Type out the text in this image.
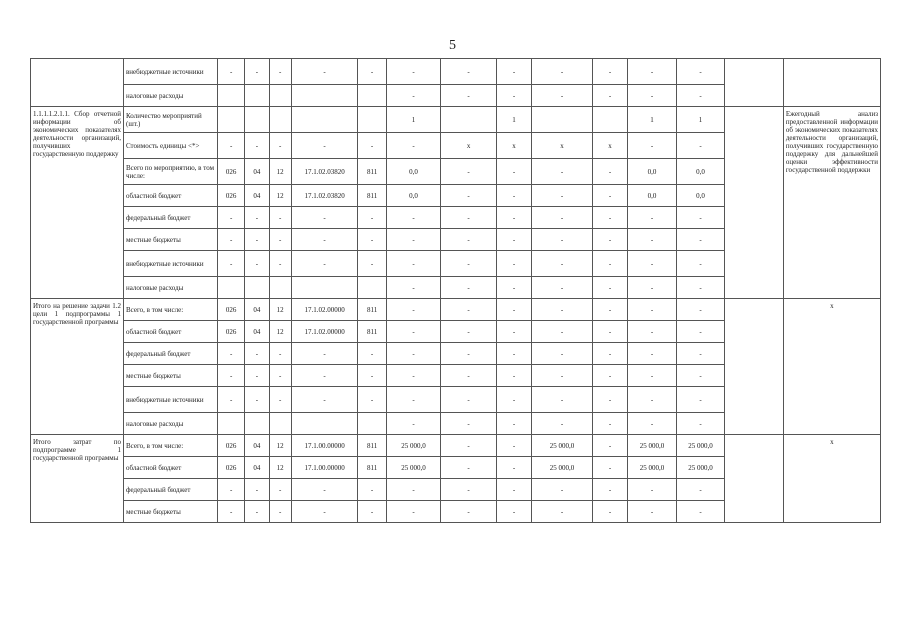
5
	внебюджетные источники	-	-	-	-	-	-	-	-	-	-	-	-		
	налоговые расходы						-	-	-	-	-	-	-		
1.1.1.1.2.1.1. Сбор отчетной информации об экономических показателях деятельности организаций, получивших государственную поддержку	Количество мероприятий (шт.)						1		1			1	1		Ежегодный анализ предоставленной информации об экономических показателях деятельности организаций, получивших государственную поддержку для дальнейшей оценки эффективности государственной поддержки
	Стоимость единицы <*>	-	-	-	-	-	-	x	x	x	x	-	-		
	Всего по мероприятию, в том числе:	026	04	12	17.1.02.03820	811	0,0	-	-	-	-	0,0	0,0		
	областной бюджет	026	04	12	17.1.02.03820	811	0,0	-	-	-	-	0,0	0,0		
	федеральный бюджет	-	-	-	-	-	-	-	-	-	-	-	-		
	местные бюджеты	-	-	-	-	-	-	-	-	-	-	-	-		
	внебюджетные источники	-	-	-	-	-	-	-	-	-	-	-	-		
	налоговые расходы						-	-	-	-	-	-	-		
Итого на решение задачи 1.2 цели 1 подпрограммы 1 государственной программы	Всего, в том числе:	026	04	12	17.1.02.00000	811	-	-	-	-	-	-	-		x
	областной бюджет	026	04	12	17.1.02.00000	811	-	-	-	-	-	-	-		
	федеральный бюджет	-	-	-	-	-	-	-	-	-	-	-	-		
	местные бюджеты	-	-	-	-	-	-	-	-	-	-	-	-		
	внебюджетные источники	-	-	-	-	-	-	-	-	-	-	-	-		
	налоговые расходы						-	-	-	-	-	-	-		
Итого затрат по подпрограмме 1 государственной программы	Всего, в том числе:	026	04	12	17.1.00.00000	811	25 000,0	-	-	25 000,0	-	25 000,0	25 000,0		x
	областной бюджет	026	04	12	17.1.00.00000	811	25 000,0	-	-	25 000,0	-	25 000,0	25 000,0		
	федеральный бюджет	-	-	-	-	-	-	-	-	-	-	-	-		
	местные бюджеты	-	-	-	-	-	-	-	-	-	-	-	-		
